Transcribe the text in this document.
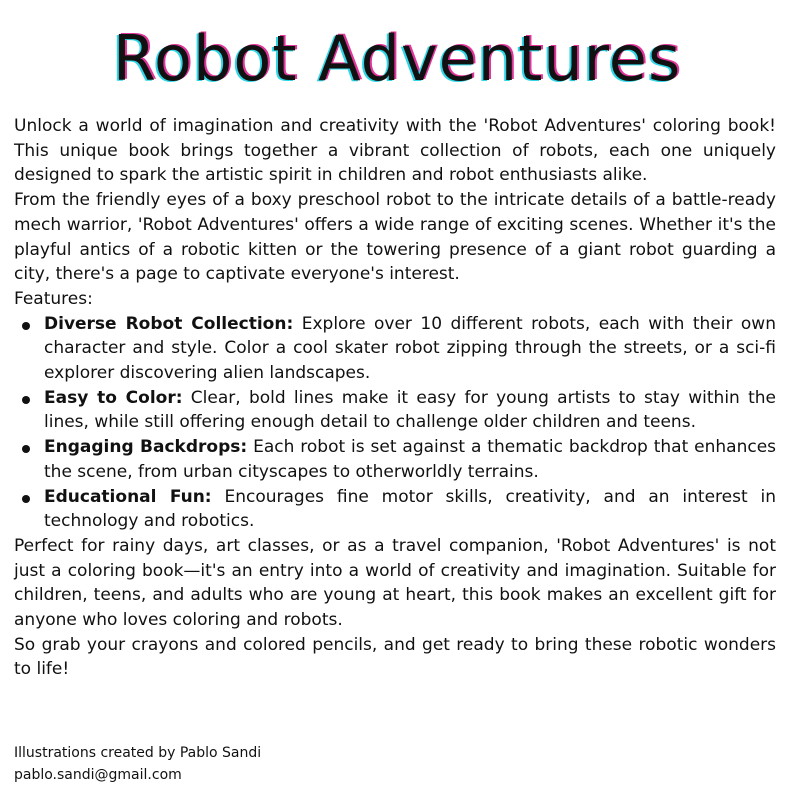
Robot Adventures

Unlock a world of imagination and creativity with the 'Robot Adventures' coloring book! This unique book brings together a vibrant collection of robots, each one uniquely designed to spark the artistic spirit in children and robot enthusiasts alike.

From the friendly eyes of a boxy preschool robot to the intricate details of a battle-ready mech warrior, 'Robot Adventures' offers a wide range of exciting scenes. Whether it's the playful antics of a robotic kitten or the towering presence of a giant robot guarding a city, there's a page to captivate everyone's interest.

Features:

Diverse Robot Collection: Explore over 10 different robots, each with their own character and style. Color a cool skater robot zipping through the streets, or a sci-fi explorer discovering alien landscapes.
Easy to Color: Clear, bold lines make it easy for young artists to stay within the lines, while still offering enough detail to challenge older children and teens.
Engaging Backdrops: Each robot is set against a thematic backdrop that enhances the scene, from urban cityscapes to otherworldly terrains.
Educational Fun: Encourages fine motor skills, creativity, and an interest in technology and robotics.

Perfect for rainy days, art classes, or as a travel companion, 'Robot Adventures' is not just a coloring book—it's an entry into a world of creativity and imagination. Suitable for children, teens, and adults who are young at heart, this book makes an excellent gift for anyone who loves coloring and robots.

So grab your crayons and colored pencils, and get ready to bring these robotic wonders to life!

Illustrations created by Pablo Sandi
pablo.sandi@gmail.com
